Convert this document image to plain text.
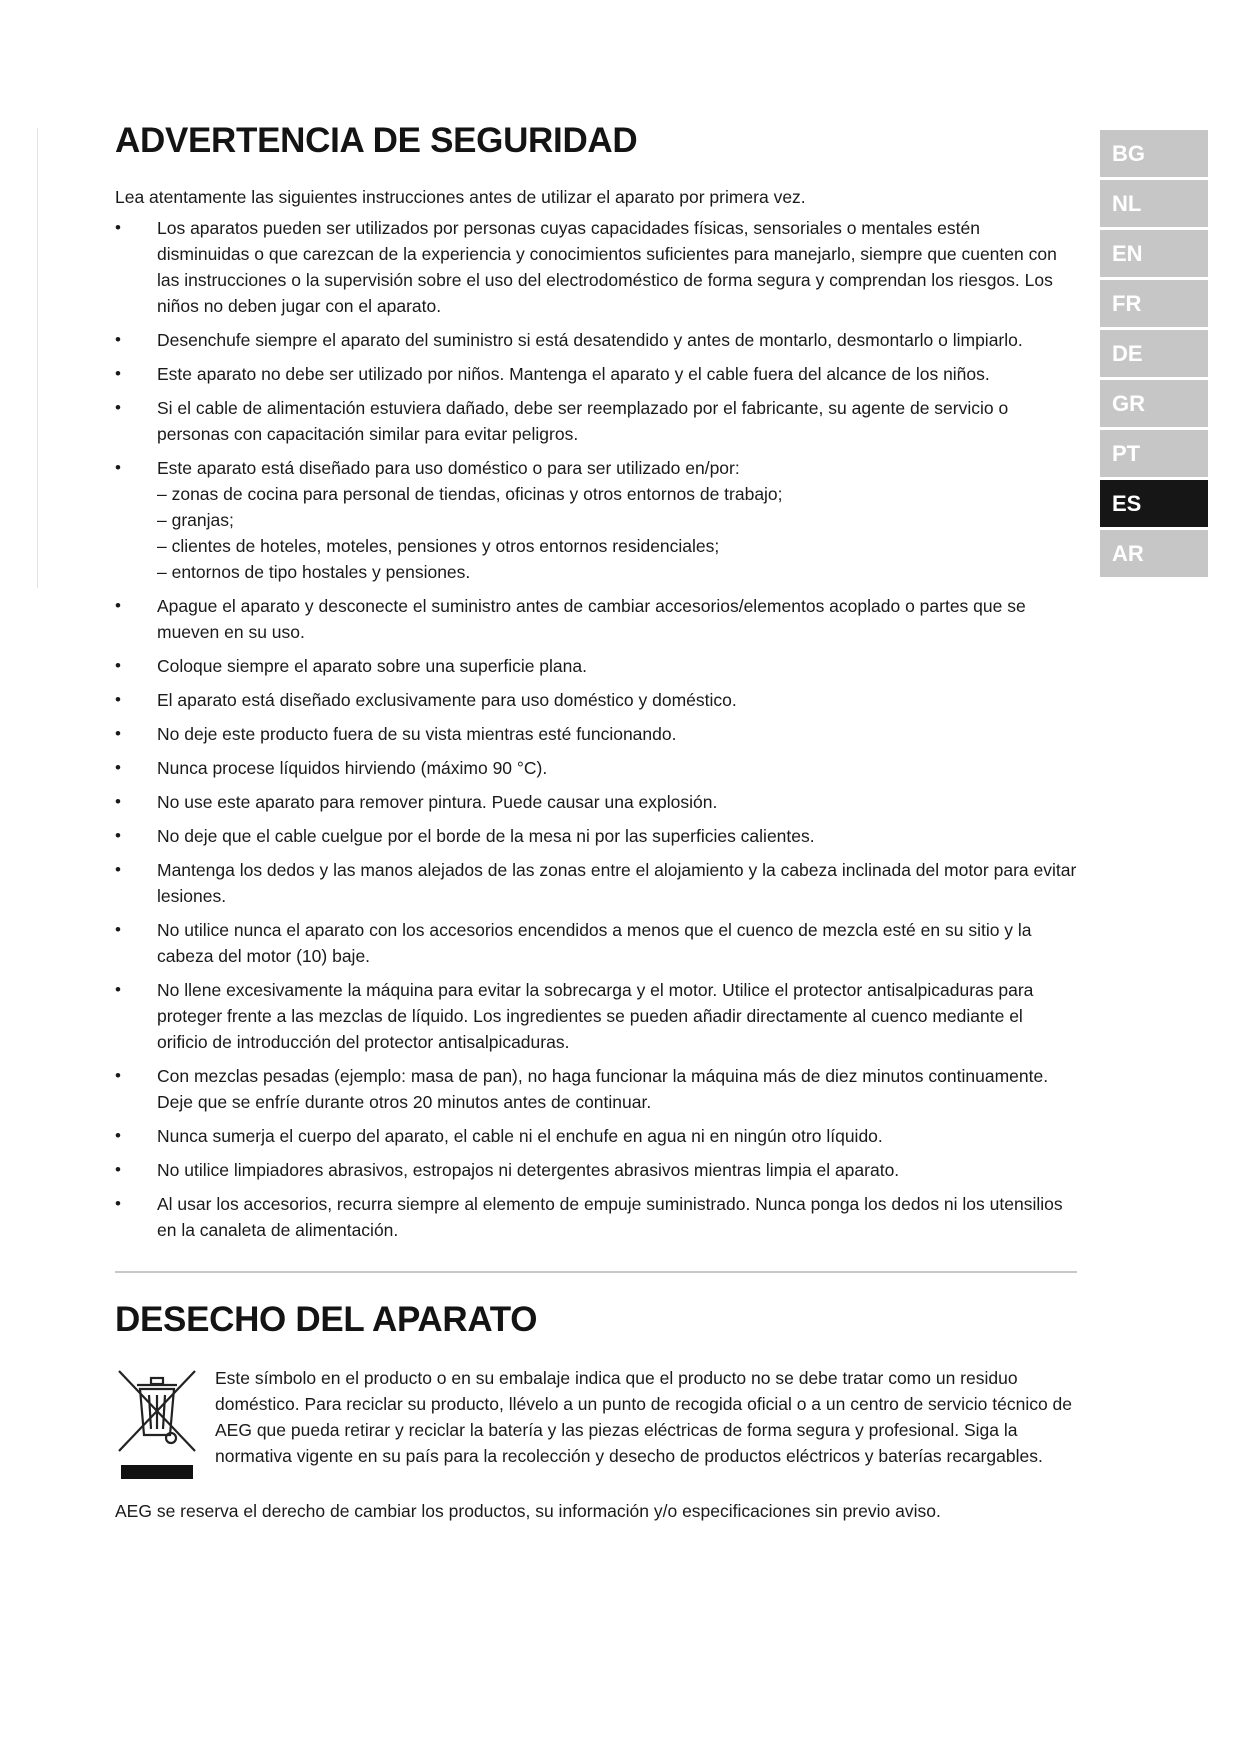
ADVERTENCIA DE SEGURIDAD

Lea atentamente las siguientes instrucciones antes de utilizar el aparato por primera vez.

• Los aparatos pueden ser utilizados por personas cuyas capacidades físicas, sensoriales o mentales estén disminuidas o que carezcan de la experiencia y conocimientos suficientes para manejarlo, siempre que cuenten con las instrucciones o la supervisión sobre el uso del electrodoméstico de forma segura y comprendan los riesgos. Los niños no deben jugar con el aparato.
• Desenchufe siempre el aparato del suministro si está desatendido y antes de montarlo, desmontarlo o limpiarlo.
• Este aparato no debe ser utilizado por niños. Mantenga el aparato y el cable fuera del alcance de los niños.
• Si el cable de alimentación estuviera dañado, debe ser reemplazado por el fabricante, su agente de servicio o personas con capacitación similar para evitar peligros.
• Este aparato está diseñado para uso doméstico o para ser utilizado en/por:
– zonas de cocina para personal de tiendas, oficinas y otros entornos de trabajo;
– granjas;
– clientes de hoteles, moteles, pensiones y otros entornos residenciales;
– entornos de tipo hostales y pensiones.
• Apague el aparato y desconecte el suministro antes de cambiar accesorios/elementos acoplado o partes que se mueven en su uso.
• Coloque siempre el aparato sobre una superficie plana.
• El aparato está diseñado exclusivamente para uso doméstico y doméstico.
• No deje este producto fuera de su vista mientras esté funcionando.
• Nunca procese líquidos hirviendo (máximo 90 °C).
• No use este aparato para remover pintura. Puede causar una explosión.
• No deje que el cable cuelgue por el borde de la mesa ni por las superficies calientes.
• Mantenga los dedos y las manos alejados de las zonas entre el alojamiento y la cabeza inclinada del motor para evitar lesiones.
• No utilice nunca el aparato con los accesorios encendidos a menos que el cuenco de mezcla esté en su sitio y la cabeza del motor (10) baje.
• No llene excesivamente la máquina para evitar la sobrecarga y el motor. Utilice el protector antisalpicaduras para proteger frente a las mezclas de líquido. Los ingredientes se pueden añadir directamente al cuenco mediante el orificio de introducción del protector antisalpicaduras.
• Con mezclas pesadas (ejemplo: masa de pan), no haga funcionar la máquina más de diez minutos continuamente. Deje que se enfríe durante otros 20 minutos antes de continuar.
• Nunca sumerja el cuerpo del aparato, el cable ni el enchufe en agua ni en ningún otro líquido.
• No utilice limpiadores abrasivos, estropajos ni detergentes abrasivos mientras limpia el aparato.
• Al usar los accesorios, recurra siempre al elemento de empuje suministrado. Nunca ponga los dedos ni los utensilios en la canaleta de alimentación.
DESECHO DEL APARATO
Este símbolo en el producto o en su embalaje indica que el producto no se debe tratar como un residuo doméstico. Para reciclar su producto, llévelo a un punto de recogida oficial o a un centro de servicio técnico de AEG que pueda retirar y reciclar la batería y las piezas eléctricas de forma segura y profesional. Siga la normativa vigente en su país para la recolección y desecho de productos eléctricos y baterías recargables.

AEG se reserva el derecho de cambiar los productos, su información y/o especificaciones sin previo aviso.

BG
NL
EN
FR
DE
GR
PT
ES
AR
